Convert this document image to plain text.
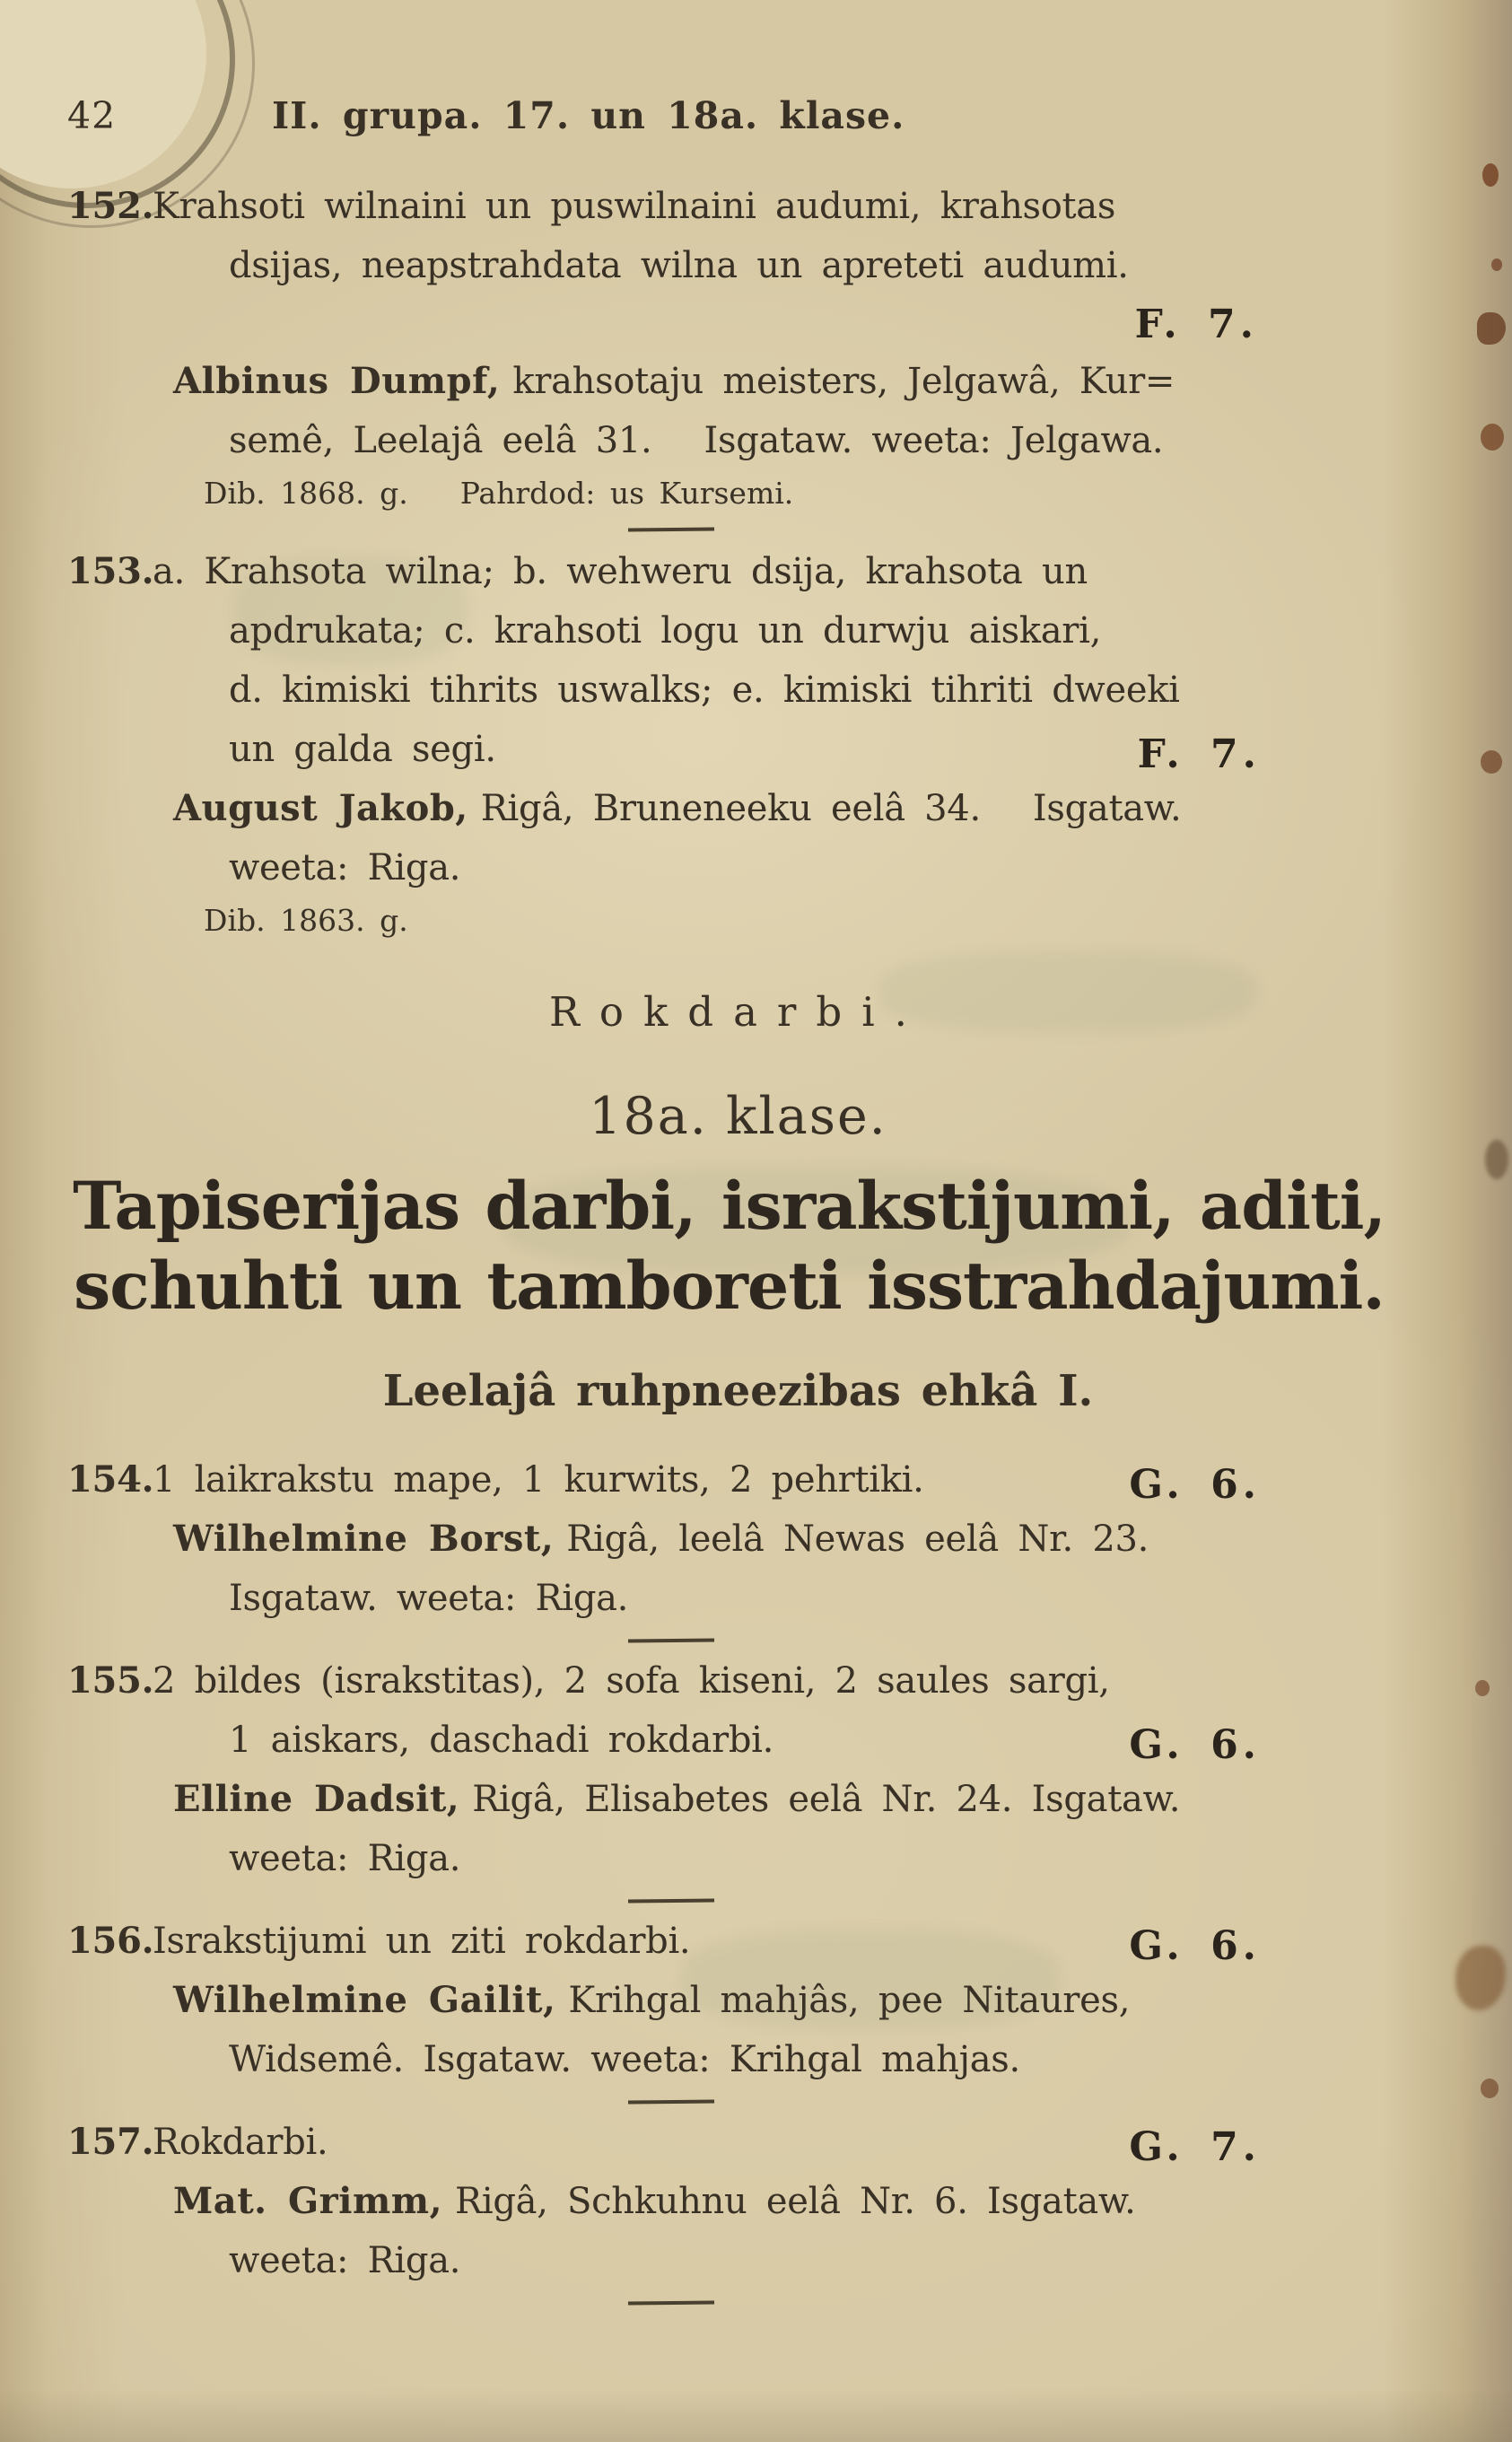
42	II. grupa. 17. un 18a. klase.
152.Krahsoti wilnaini un puswilnaini audumi, krahsotas
dsijas, neapstrahdata wilna un apreteti audumi.
F. 7.
Albinus Dumpf, krahsotaju meisters, Jelgawâ, Kur=
semê, Leelajâ eelâ 31. Isgataw. weeta: Jelgawa.
Dib. 1868. g. Pahrdod: us Kursemi.
153.a. Krahsota wilna; b. wehweru dsija, krahsota un
apdrukata; c. krahsoti logu un durwju aiskari,
d. kimiski tihrits uswalks; e. kimiski tihriti dweeki
un galda segi.	F. 7.
August Jakob, Rigâ, Bruneneeku eelâ 34. Isgataw.
weeta: Riga.
Dib. 1863. g.
Rokdarbi.
18a. klase.
Tapiserijas darbi, israkstijumi, aditi,
schuhti un tamboreti isstrahdajumi.
Leelajâ ruhpneezibas ehkâ I.
154.1 laikrakstu mape, 1 kurwits, 2 pehrtiki.	G. 6.
Wilhelmine Borst, Rigâ, leelâ Newas eelâ Nr. 23.
Isgataw. weeta: Riga.
155.2 bildes (israkstitas), 2 sofa kiseni, 2 saules sargi,
1 aiskars, daschadi rokdarbi.	G. 6.
Elline Dadsit, Rigâ, Elisabetes eelâ Nr. 24. Isgataw.
weeta: Riga.
156.Israkstijumi un ziti rokdarbi.	G. 6.
Wilhelmine Gailit, Krihgal mahjâs, pee Nitaures,
Widsemê. Isgataw. weeta: Krihgal mahjas.
157.Rokdarbi.	G. 7.
Mat. Grimm, Rigâ, Schkuhnu eelâ Nr. 6. Isgataw.
weeta: Riga.
